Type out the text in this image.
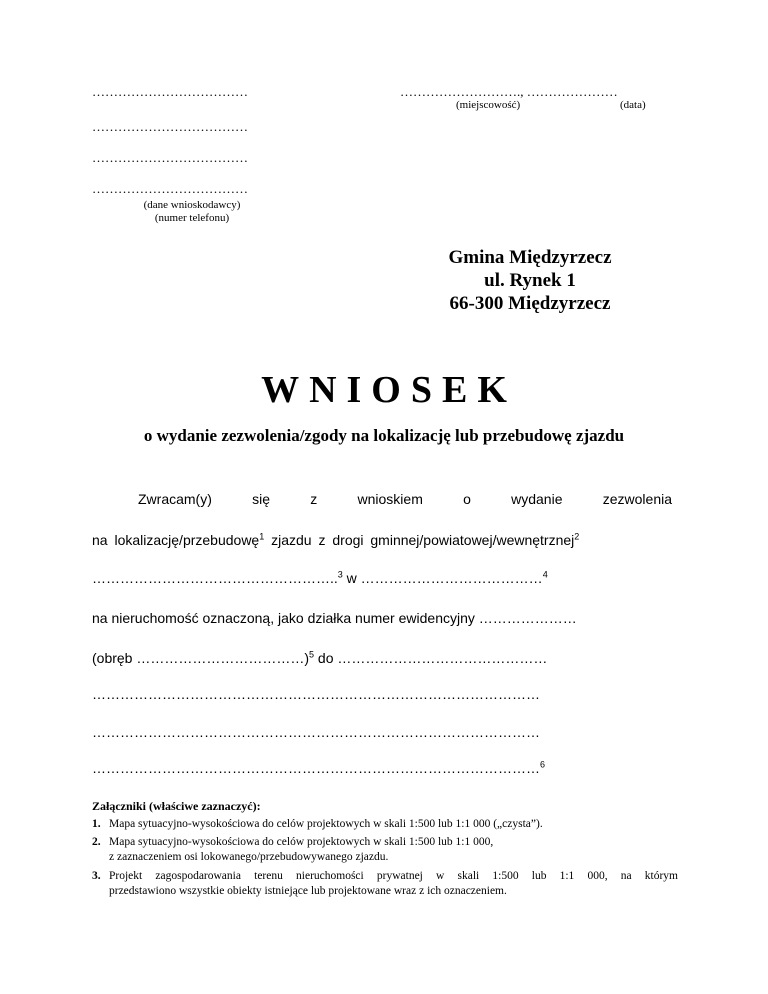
………………………………
………………………………
………………………………
………………………………
(dane wnioskodawcy)
(numer telefonu)
………………………., …………………
(miejscowość)	(data)
Gmina Międzyrzecz
ul. Rynek 1
66-300 Międzyrzecz
WNIOSEK
o wydanie zezwolenia/zgody na lokalizację lub przebudowę zjazdu
Zwracam(y)	się	z	wnioskiem	o	wydanie	zezwolenia
na lokalizację/przebudowę$^1$ zjazdu z drogi gminnej/powiatowej/wewnętrznej$^2$
……………………………………………..$^3$ w …………………………………$^4$
na nieruchomość oznaczoną, jako działka numer ewidencyjny …………………
(obręb ………………………………)$^5$ do ………………………………………
……………………………………………………………………………………
……………………………………………………………………………………
……………………………………………………………………………………$^6$
Załączniki (właściwe zaznaczyć):
1. Mapa sytuacyjno-wysokościowa do celów projektowych w skali 1:500 lub 1:1 000 („czysta”).
2. Mapa sytuacyjno-wysokościowa do celów projektowych w skali 1:500 lub 1:1 000,
z zaznaczeniem osi lokowanego/przebudowywanego zjazdu.
3. Projekt zagospodarowania terenu nieruchomości prywatnej w skali 1:500 lub 1:1 000, na którym
przedstawiono wszystkie obiekty istniejące lub projektowane wraz z ich oznaczeniem.
